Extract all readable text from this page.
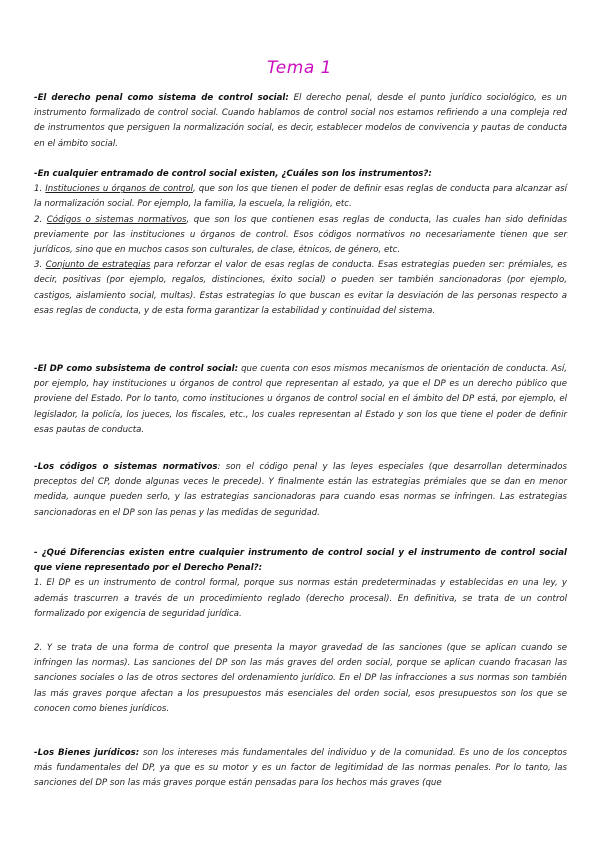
Tema 1

-El derecho penal como sistema de control social: El derecho penal, desde el punto jurídico sociológico, es un instrumento formalizado de control social. Cuando hablamos de control social nos estamos refiriendo a una compleja red de instrumentos que persiguen la normalización social, es decir, establecer modelos de convivencia y pautas de conducta en el ámbito social.

-En cualquier entramado de control social existen, ¿Cuáles son los instrumentos?:

1. Instituciones u órganos de control, que son los que tienen el poder de definir esas reglas de conducta para alcanzar así la normalización social. Por ejemplo, la familia, la escuela, la religión, etc.

2. Códigos o sistemas normativos, que son los que contienen esas reglas de conducta, las cuales han sido definidas previamente por las instituciones u órganos de control. Esos códigos normativos no necesariamente tienen que ser jurídicos, sino que en muchos casos son culturales, de clase, étnicos, de género, etc.

3. Conjunto de estrategias para reforzar el valor de esas reglas de conducta. Esas estrategias pueden ser: prémiales, es decir, positivas (por ejemplo, regalos, distinciones, éxito social) o pueden ser también sancionadoras (por ejemplo, castigos, aislamiento social, multas). Estas estrategias lo que buscan es evitar la desviación de las personas respecto a esas reglas de conducta, y de esta forma garantizar la estabilidad y continuidad del sistema.

-El DP como subsistema de control social: que cuenta con esos mismos mecanismos de orientación de conducta. Así, por ejemplo, hay instituciones u órganos de control que representan al estado, ya que el DP es un derecho público que proviene del Estado. Por lo tanto, como instituciones u órganos de control social en el ámbito del DP está, por ejemplo, el legislador, la policía, los jueces, los fiscales, etc., los cuales representan al Estado y son los que tiene el poder de definir esas pautas de conducta.

-Los códigos o sistemas normativos: son el código penal y las leyes especiales (que desarrollan determinados preceptos del CP, donde algunas veces le precede). Y finalmente están las estrategias prémiales que se dan en menor medida, aunque pueden serlo, y las estrategias sancionadoras para cuando esas normas se infringen. Las estrategias sancionadoras en el DP son las penas y las medidas de seguridad.

- ¿Qué Diferencias existen entre cualquier instrumento de control social y el instrumento de control social que viene representado por el Derecho Penal?:

1. El DP es un instrumento de control formal, porque sus normas están predeterminadas y establecidas en una ley, y además trascurren a través de un procedimiento reglado (derecho procesal). En definitiva, se trata de un control formalizado por exigencia de seguridad jurídica.

2. Y se trata de una forma de control que presenta la mayor gravedad de las sanciones (que se aplican cuando se infringen las normas). Las sanciones del DP son las más graves del orden social, porque se aplican cuando fracasan las sanciones sociales o las de otros sectores del ordenamiento jurídico. En el DP las infracciones a sus normas son también las más graves porque afectan a los presupuestos más esenciales del orden social, esos presupuestos son los que se conocen como bienes jurídicos.

-Los Bienes jurídicos: son los intereses más fundamentales del individuo y de la comunidad. Es uno de los conceptos más fundamentales del DP, ya que es su motor y es un factor de legitimidad de las normas penales. Por lo tanto, las sanciones del DP son las más graves porque están pensadas para los hechos más graves (que
